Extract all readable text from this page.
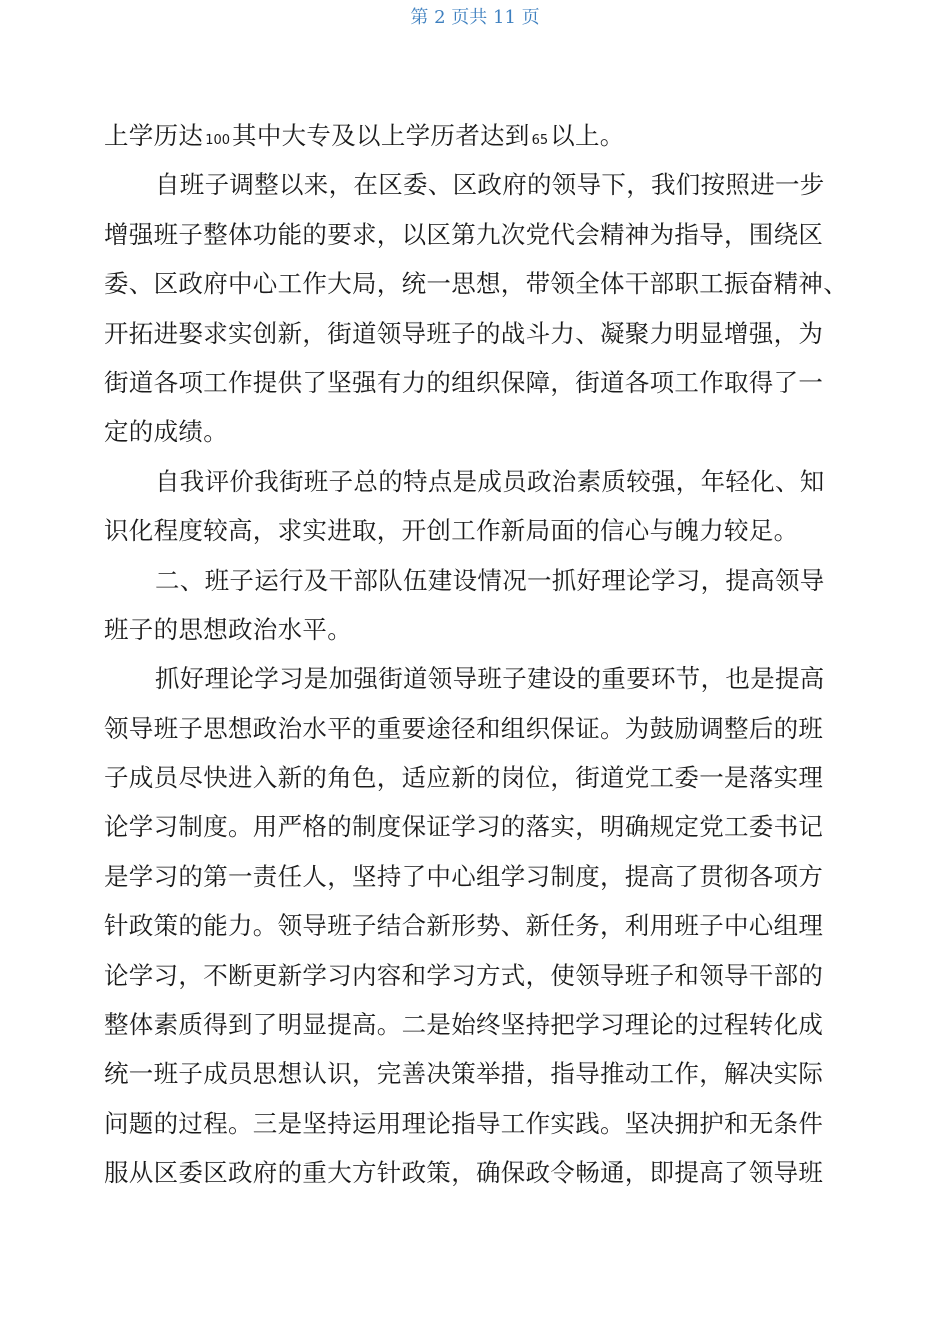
第 2 页共 11 页
上学历达 100其中大专及以上学历者达到 65以上。
自班子调整以来，在区委、区政府的领导下，我们按照进一步
增强班子整体功能的要求，以区第九次党代会精神为指导，围绕区
委、区政府中心工作大局，统一思想，带领全体干部职工振奋精神、
开拓进娶求实创新，街道领导班子的战斗力、凝聚力明显增强，为
街道各项工作提供了坚强有力的组织保障，街道各项工作取得了一
定的成绩。
自我评价我街班子总的特点是成员政治素质较强，年轻化、知
识化程度较高，求实进取，开创工作新局面的信心与魄力较足。
二、班子运行及干部队伍建设情况一抓好理论学习，提高领导
班子的思想政治水平。
抓好理论学习是加强街道领导班子建设的重要环节，也是提高
领导班子思想政治水平的重要途径和组织保证。为鼓励调整后的班
子成员尽快进入新的角色，适应新的岗位，街道党工委一是落实理
论学习制度。用严格的制度保证学习的落实，明确规定党工委书记
是学习的第一责任人，坚持了中心组学习制度，提高了贯彻各项方
针政策的能力。领导班子结合新形势、新任务，利用班子中心组理
论学习，不断更新学习内容和学习方式，使领导班子和领导干部的
整体素质得到了明显提高。二是始终坚持把学习理论的过程转化成
统一班子成员思想认识，完善决策举措，指导推动工作，解决实际
问题的过程。三是坚持运用理论指导工作实践。坚决拥护和无条件
服从区委区政府的重大方针政策，确保政令畅通，即提高了领导班
